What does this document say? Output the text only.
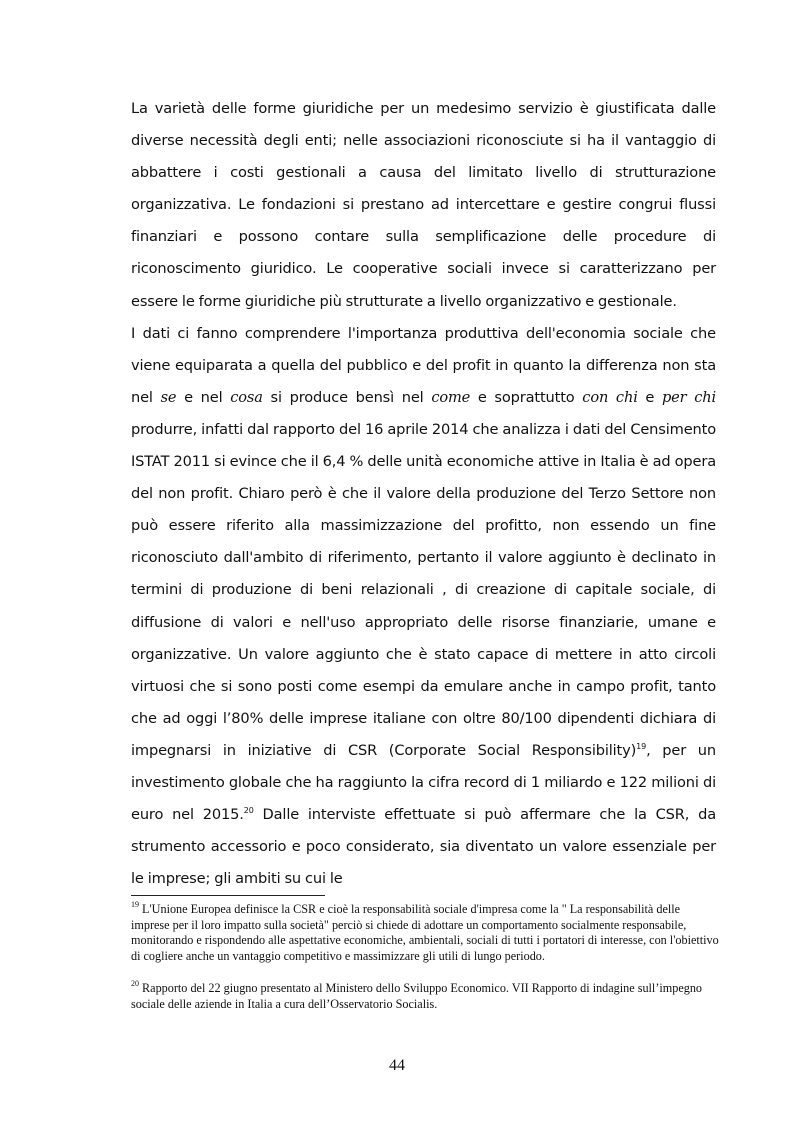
La varietà delle forme giuridiche per un medesimo servizio è giustificata dalle diverse necessità degli enti; nelle associazioni riconosciute si ha il vantaggio di abbattere i costi gestionali a causa del limitato livello di strutturazione organizzativa. Le fondazioni si prestano ad intercettare e gestire congrui flussi finanziari e possono contare sulla semplificazione delle procedure di riconoscimento giuridico. Le cooperative sociali invece si caratterizzano per essere le forme giuridiche più strutturate a livello organizzativo e gestionale.

I dati ci fanno comprendere l'importanza produttiva dell'economia sociale che viene equiparata a quella del pubblico e del profit in quanto la differenza non sta nel se e nel cosa si produce bensì nel come e soprattutto con chi e per chi produrre, infatti dal rapporto del 16 aprile 2014 che analizza i dati del Censimento ISTAT 2011 si evince che il 6,4 % delle unità economiche attive in Italia è ad opera del non profit. Chiaro però è che il valore della produzione del Terzo Settore non può essere riferito alla massimizzazione del profitto, non essendo un fine riconosciuto dall'ambito di riferimento, pertanto il valore aggiunto è declinato in termini di produzione di beni relazionali , di creazione di capitale sociale, di diffusione di valori e nell'uso appropriato delle risorse finanziarie, umane e organizzative. Un valore aggiunto che è stato capace di mettere in atto circoli virtuosi che si sono posti come esempi da emulare anche in campo profit, tanto che ad oggi l’80% delle imprese italiane con oltre 80/100 dipendenti dichiara di impegnarsi in iniziative di CSR (Corporate Social Responsibility)$^{19}$, per un investimento globale che ha raggiunto la cifra record di 1 miliardo e 122 milioni di euro nel 2015.20 Dalle interviste effettuate si può affermare che la CSR, da strumento accessorio e poco considerato, sia diventato un valore essenziale per le imprese; gli ambiti su cui le

$^{19}$ L'Unione Europea definisce la CSR e cioè la responsabilità sociale d'impresa come la " La responsabilità delle imprese per il loro impatto sulla società" perciò si chiede di adottare un comportamento socialmente responsabile, monitorando e rispondendo alle aspettative economiche, ambientali, sociali di tutti i portatori di interesse, con l'obiettivo di cogliere anche un vantaggio competitivo e massimizzare gli utili di lungo periodo.

$^{20}$ Rapporto del 22 giugno presentato al Ministero dello Sviluppo Economico. VII Rapporto di indagine sull’impegno sociale delle aziende in Italia a cura dell’Osservatorio Socialis.

44
